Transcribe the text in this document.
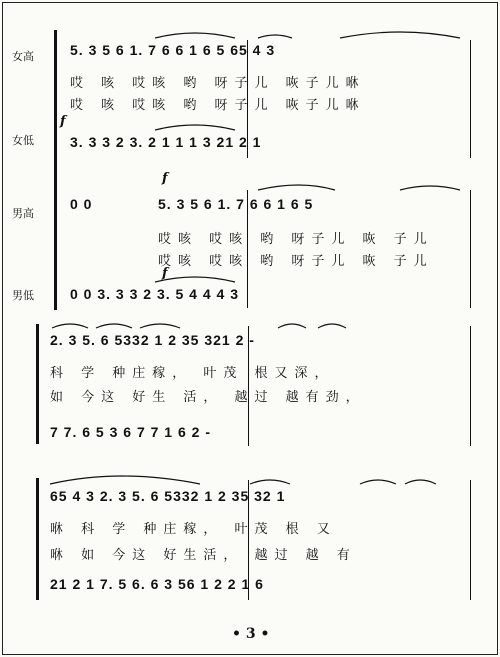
女高
女低
男高
男低
f
f
f
5. 3 5 6 1. 7 6 6 1 6 5 65 4 3
哎 咳 哎咳 哟 呀子儿 咴子儿咻
哎 咳 哎咳 哟 呀子儿 咴子儿咻
3. 3 3 2 3. 2 1 1 1 3 21 2 1
0 0	5. 3 5 6 1. 7 6 6 1 6 5
哎咳 哎咳 哟 呀子儿 咴 子儿
哎咳 哎咳 哟 呀子儿 咴 子儿
0 0 3. 3 3 2 3. 5 4 4 4 3
2. 3 5. 6 5332 1 2 35 321 2 -
科 学 种庄稼， 叶茂 根又深，
如 今这 好生 活， 越过 越有劲，
7 7. 6 5 3 6 7 7 1 6 2 -
65 4 3 2. 3 5. 6 5332 1 2 35 32 1
咻 科 学 种庄稼， 叶茂 根 又
咻 如 今这 好生活， 越过 越 有
21 2 1 7. 5 6. 6 3 56 1 2 2 1 6
• 3 •
